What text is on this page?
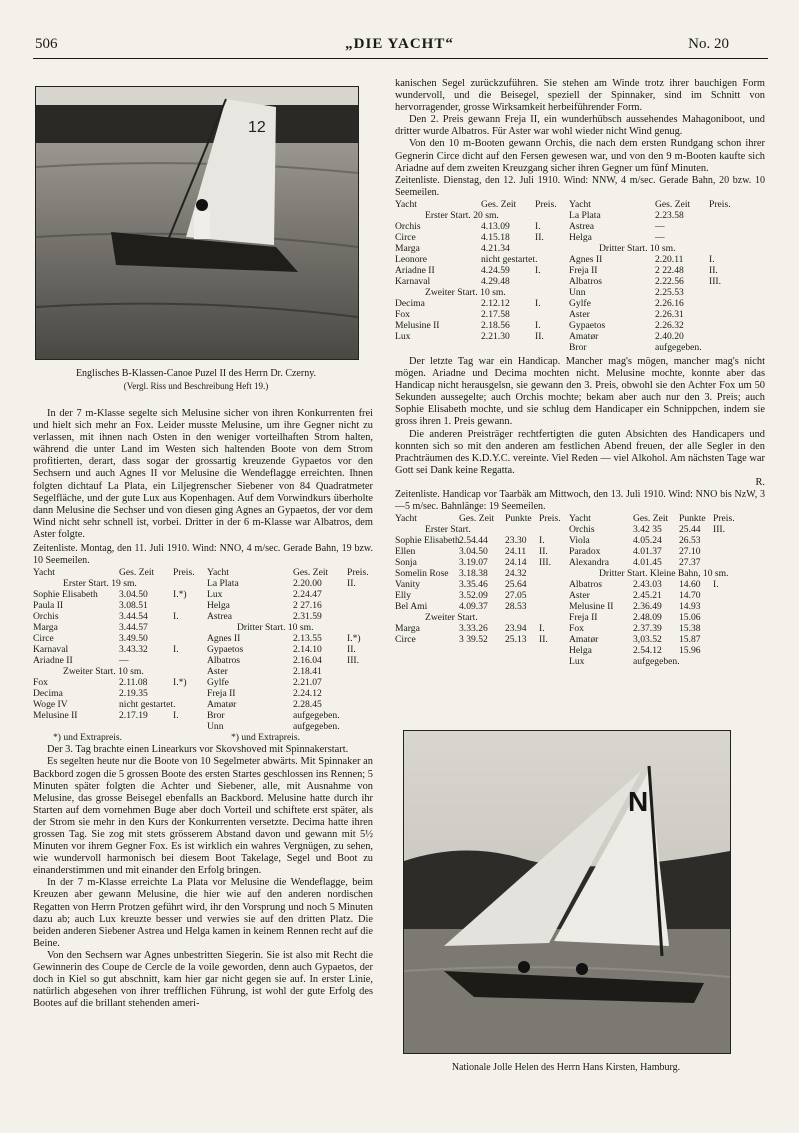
506	„DIE YACHT“	No. 20
12
Englisches B-Klassen-Canoe Puzel II des Herrn Dr. Czerny.
(Vergl. Riss und Beschreibung Heft 19.)

In der 7 m-Klasse segelte sich Melusine sicher von ihren Konkurrenten frei und hielt sich mehr an Fox. Leider musste Melusine, um ihre Gegner nicht zu verlassen, mit ihnen nach Osten in den weniger vorteilhaften Strom halten, während die unter Land im Westen sich haltenden Boote von dem Strom profitierten, derart, dass sogar der grossartig kreuzende Gypaetos vor den Sechsern und auch Agnes II vor Melusine die Wendeflagge erreichten. Ihnen folgten dichtauf La Plata, ein Liljegrenscher Siebener von 84 Quadratmeter Segelfläche, und der gute Lux aus Kopenhagen. Auf dem Vorwindkurs überholte dann Melusine die Sechser und von diesen ging Agnes an Gypaetos, der vor dem Wind nicht sehr schnell ist, vorbei. Dritter in der 6 m-Klasse war Albatros, dem Aster folgte.

Zeitenliste. Montag, den 11. Juli 1910. Wind: NNO, 4 m/sec. Gerade Bahn, 19 bzw. 10 Seemeilen.

Yacht	Ges. Zeit	Preis.
Erster Start. 19 sm.
Sophie Elisabeth	3.04.50	I.*)
Paula II	3.08.51
Orchis	3.44.54	I.
Marga	3.44.57
Circe	3.49.50
Karnaval	3.43.32	I.
Ariadne II	—
Zweiter Start. 10 sm.
Fox	2.11.08	I.*)
Decima	2.19.35
Woge IV	nicht gestartet.
Melusine II	2.17.19	I.
Yacht	Ges. Zeit	Preis.
La Plata	2.20.00	II.
Lux	2.24.47
Helga	2 27.16
Astrea	2.31.59
Dritter Start. 10 sm.
Agnes II	2.13.55	I.*)
Gypaetos	2.14.10	II.
Albatros	2.16.04	III.
Aster	2.18.41
Gylfe	2.21.07
Freja II	2.24.12
Amatør	2.28.45
Bror	aufgegeben.
Unn	aufgegeben.
*) und Extrapreis.	*) und Extrapreis.

Der 3. Tag brachte einen Linearkurs vor Skovshoved mit Spinnakerstart.

Es segelten heute nur die Boote von 10 Segelmeter abwärts. Mit Spinnaker an Backbord zogen die 5 grossen Boote des ersten Startes geschlossen ins Rennen; 5 Minuten später folgten die Achter und Siebener, alle, mit Ausnahme von Melusine, das grosse Beisegel ebenfalls an Backbord. Melusine hatte durch ihr Starten auf dem vornehmen Buge aber doch Vorteil und schiftete erst später, als der Strom sie mehr in den Kurs der Konkurrenten versetzte. Decima hatte ihren grossen Tag. Sie zog mit stets grösserem Abstand davon und gewann mit 5½ Minuten vor ihrem Gegner Fox. Es ist wirklich ein wahres Vergnügen, zu sehen, wie wundervoll harmonisch bei diesem Boot Takelage, Segel und Boot zu einanderstimmen und mit einander den Erfolg bringen.

In der 7 m-Klasse erreichte La Plata vor Melusine die Wendeflagge, beim Kreuzen aber gewann Melusine, die hier wie auf den anderen nordischen Regatten von Herrn Protzen geführt wird, ihr den Vorsprung und noch 5 Minuten dazu ab; auch Lux kreuzte besser und verwies sie auf den dritten Platz. Die beiden anderen Siebener Astrea und Helga kamen in keinem Rennen recht auf die Beine.

Von den Sechsern war Agnes unbestritten Siegerin. Sie ist also mit Recht die Gewinnerin des Coupe de Cercle de la voile geworden, denn auch Gypaetos, der doch in Kiel so gut abschnitt, kam hier gar nicht gegen sie auf. In erster Linie, natürlich abgesehen von ihrer trefflichen Führung, ist wohl der gute Erfolg des Bootes auf die brillant stehenden ameri-

kanischen Segel zurückzuführen. Sie stehen am Winde trotz ihrer bauchigen Form wundervoll, und die Beisegel, speziell der Spinnaker, sind im Schnitt von hervorragender, grosse Wirksamkeit herbeiführender Form.

Den 2. Preis gewann Freja II, ein wunderhübsch aussehendes Mahagoniboot, und dritter wurde Albatros. Für Aster war wohl wieder nicht Wind genug.

Von den 10 m-Booten gewann Orchis, die nach dem ersten Rundgang schon ihrer Gegnerin Circe dicht auf den Fersen gewesen war, und von den 9 m-Booten kaufte sich Ariadne auf dem zweiten Kreuzgang sicher ihren Gegner um fünf Minuten.

Zeitenliste. Dienstag, den 12. Juli 1910. Wind: NNW, 4 m/sec. Gerade Bahn, 20 bzw. 10 Seemeilen.

Yacht	Ges. Zeit	Preis.
Erster Start. 20 sm.
Orchis	4.13.09	I.
Circe	4.15.18	II.
Marga	4.21.34
Leonore	nicht gestartet.
Ariadne II	4.24.59	I.
Karnaval	4.29.48
Zweiter Start. 10 sm.
Decima	2.12.12	I.
Fox	2.17.58
Melusine II	2.18.56	I.
Lux	2.21.30	II.
Yacht	Ges. Zeit	Preis.
La Plata	2.23.58
Astrea	—
Helga	—
Dritter Start. 10 sm.
Agnes II	2.20.11	I.
Freja II	2 22.48	II.
Albatros	2.22.56	III.
Unn	2.25.53
Gylfe	2.26.16
Aster	2.26.31
Gypaetos	2.26.32
Amatør	2.40.20
Bror	aufgegeben.

Der letzte Tag war ein Handicap. Mancher mag's mögen, mancher mag's nicht mögen. Ariadne und Decima mochten nicht. Melusine mochte, konnte aber das Handicap nicht herausgelsn, sie gewann den 3. Preis, obwohl sie den Achter Fox um 50 Sekunden aussegelte; auch Orchis mochte; bekam aber auch nur den 3. Preis; auch Sophie Elisabeth mochte, und sie schlug dem Handicaper ein Schnippchen, indem sie gross ihren 1. Preis gewann.

Die anderen Preisträger rechtfertigten die guten Absichten des Handicapers und konnten sich so mit den anderen am festlichen Abend freuen, der alle Segler in den Prachträumen des K.D.Y.C. vereinte. Viel Reden — viel Alkohol. Am nächsten Tage war Gott sei Dank keine Regatta.

R.

Zeitenliste. Handicap vor Taarbäk am Mittwoch, den 13. Juli 1910. Wind: NNO bis NzW, 3—5 m/sec. Bahnlänge: 19 Seemeilen.

Yacht	Ges. Zeit	Punkte Preis.
Erster Start.
Sophie Elisabeth 2.54.44	23.30	I.
Ellen	3.04.50	24.11	II.
Sonja	3.19.07	24.14	III.
Somelin Rose	3.18.38	24.32
Vanity	3.35.46	25.64
Elly	3.52.09	27.05
Bel Ami	4.09.37	28.53
Zweiter Start.
Marga	3.33.26	23.94	I.
Circe	3 39.52	25.13	II.
Yacht	Ges. Zeit	Punkte Preis.
Orchis	3.42 35	25.44	III.
Viola	4.05.24	26.53
Paradox	4.01.37	27.10
Alexandra	4.01.45	27.37
Dritter Start. Kleine Bahn, 10 sm.
Albatros	2.43.03	14.60	I.
Aster	2.45.21	14.70
Melusine II	2.36.49	14.93
Freja II	2.48.09	15.06
Fox	2.37.39	15.38
Amatør	3,03.52	15.87
Helga	2.54.12	15.96
Lux	aufgegeben.
N
Nationale Jolle Helen des Herrn Hans Kirsten, Hamburg.
